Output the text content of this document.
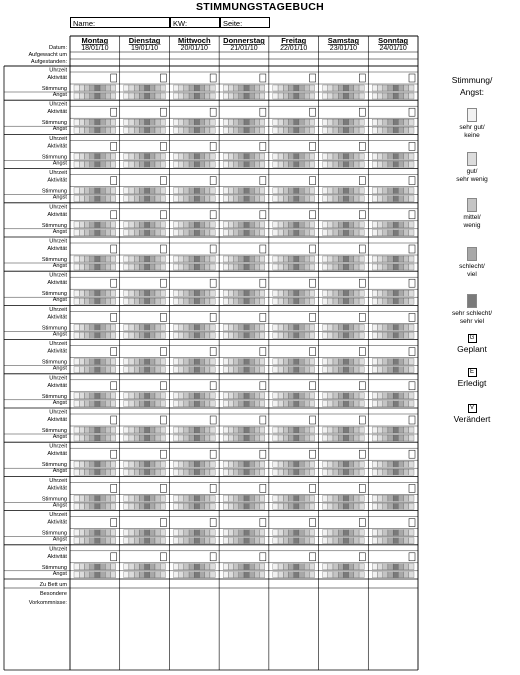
STIMMUNGSTAGEBUCH
Name:	KW:	Seite:
Montag
18/01/10
Dienstag
19/01/10
Mittwoch
20/01/10
Donnerstag
21/01/10
Freitag
22/01/10
Samstag
23/01/10
Sonntag
24/01/10
Datum:
Aufgewacht um
Aufgestanden:
Uhrzeit
Aktivität
Stimmung
Angst
Uhrzeit
Aktivität
Stimmung
Angst
Uhrzeit
Aktivität
Stimmung
Angst
Uhrzeit
Aktivität
Stimmung
Angst
Uhrzeit
Aktivität
Stimmung
Angst
Uhrzeit
Aktivität
Stimmung
Angst
Uhrzeit
Aktivität
Stimmung
Angst
Uhrzeit
Aktivität
Stimmung
Angst
Uhrzeit
Aktivität
Stimmung
Angst
Uhrzeit
Aktivität
Stimmung
Angst
Uhrzeit
Aktivität
Stimmung
Angst
Uhrzeit
Aktivität
Stimmung
Angst
Uhrzeit
Aktivität
Stimmung
Angst
Uhrzeit
Aktivität
Stimmung
Angst
Uhrzeit
Aktivität
Stimmung
Angst
Zu Bett um
Besondere
Vorkommnisse:
Stimmung/
Angst:
sehr gut/
keine
gut/
sehr wenig
mittel/
wenig
schlecht/
viel
sehr schlecht/
sehr viel
G
Geplant
E
Erledigt
V
Verändert
